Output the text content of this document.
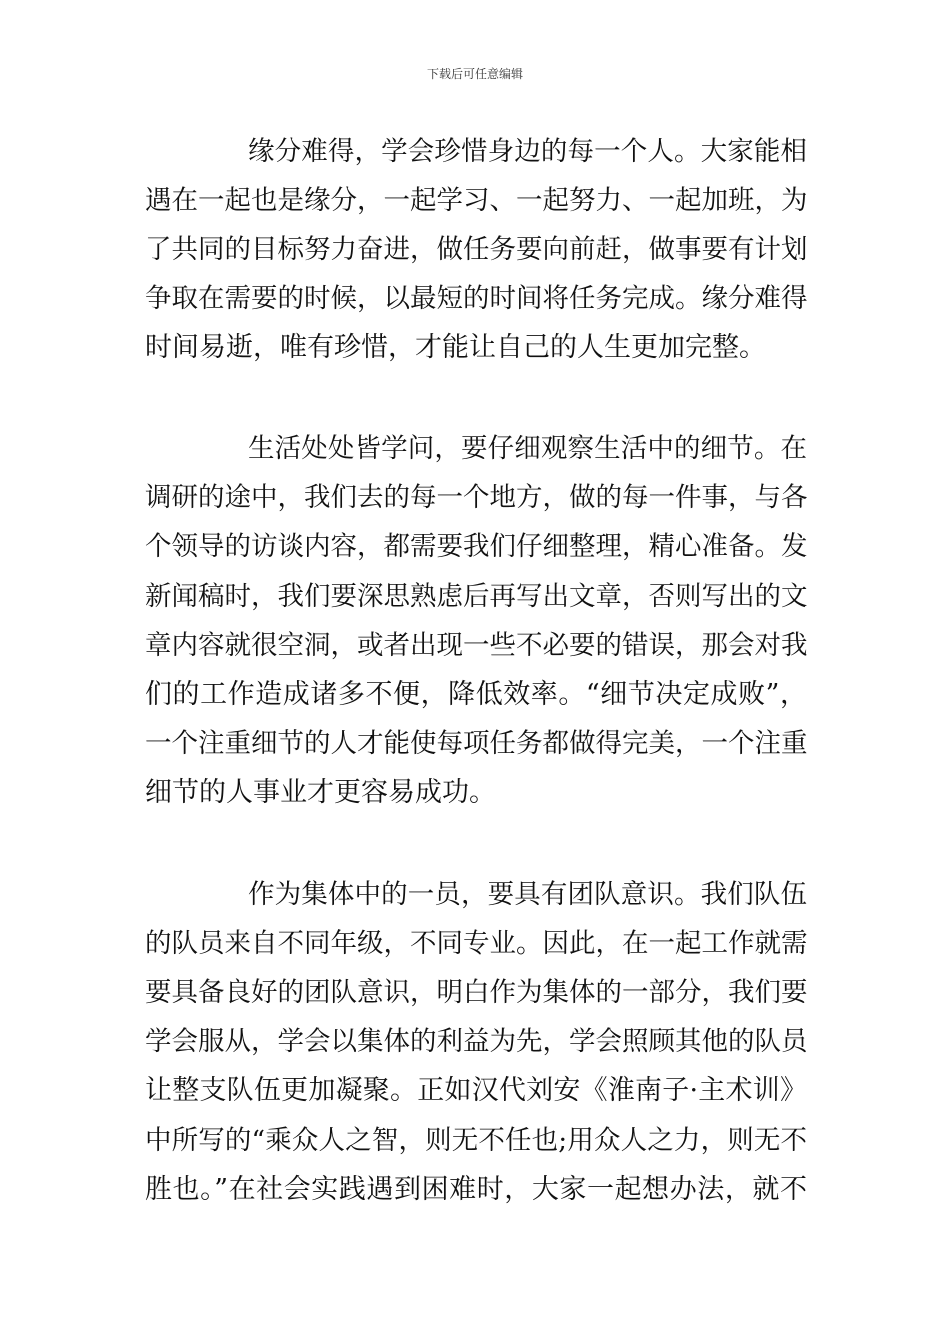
下载后可任意编辑
缘分难得，学会珍惜身边的每一个人。大家能相
遇在一起也是缘分，一起学习、一起努力、一起加班，为
了共同的目标努力奋进，做任务要向前赶，做事要有计划
争取在需要的时候，以最短的时间将任务完成。缘分难得
时间易逝，唯有珍惜，才能让自己的人生更加完整。
生活处处皆学问，要仔细观察生活中的细节。在
调研的途中，我们去的每一个地方，做的每一件事，与各
个领导的访谈内容，都需要我们仔细整理，精心准备。发
新闻稿时，我们要深思熟虑后再写出文章，否则写出的文
章内容就很空洞，或者出现一些不必要的错误，那会对我
们的工作造成诸多不便，降低效率。“细节决定成败”，
一个注重细节的人才能使每项任务都做得完美，一个注重
细节的人事业才更容易成功。
作为集体中的一员，要具有团队意识。我们队伍
的队员来自不同年级，不同专业。因此，在一起工作就需
要具备良好的团队意识，明白作为集体的一部分，我们要
学会服从，学会以集体的利益为先，学会照顾其他的队员
让整支队伍更加凝聚。正如汉代刘安《淮南子·主术训》
中所写的“乘众人之智，则无不任也;用众人之力，则无不
胜也。”在社会实践遇到困难时，大家一起想办法，就不
